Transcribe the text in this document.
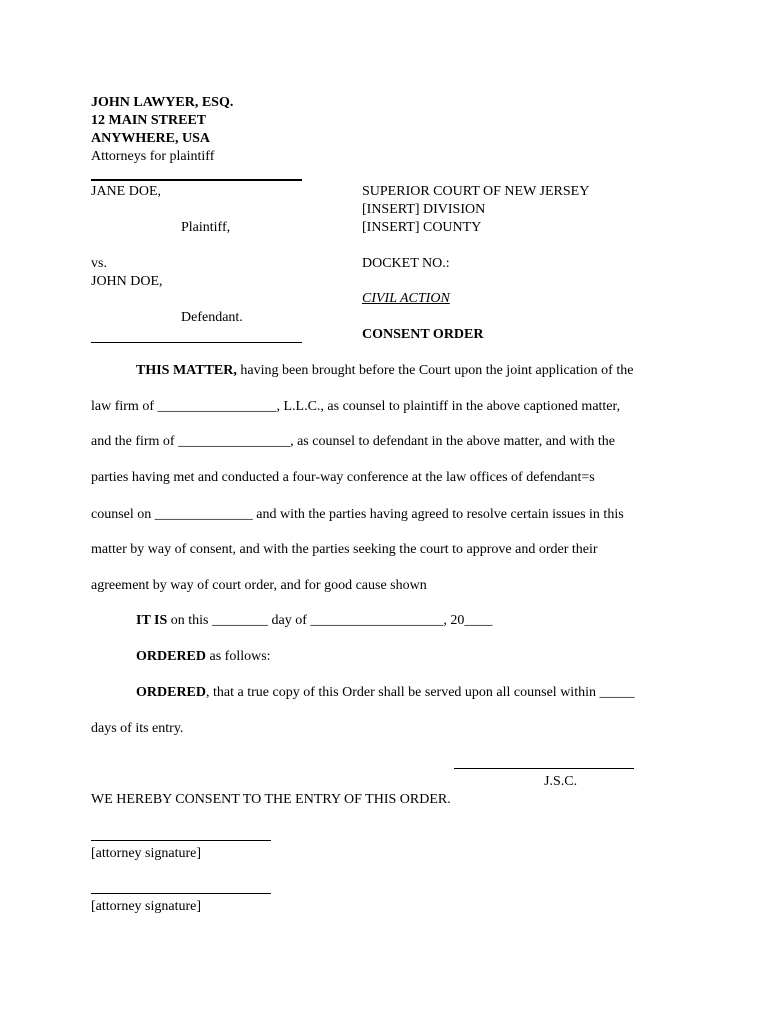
JOHN LAWYER, ESQ.
12 MAIN STREET
ANYWHERE, USA
Attorneys for plaintiff
JANE DOE,
Plaintiff,
vs.
JOHN DOE,
Defendant.
SUPERIOR COURT OF NEW JERSEY
[INSERT] DIVISION
[INSERT] COUNTY
DOCKET NO.:
CIVIL ACTION
CONSENT ORDER
THIS MATTER, having been brought before the Court upon the joint application of the
law firm of _________________, L.L.C., as counsel to plaintiff in the above captioned matter,
and the firm of ________________, as counsel to defendant in the above matter, and with the
parties having met and conducted a four-way conference at the law offices of defendant=s
counsel on ______________ and with the parties having agreed to resolve certain issues in this
matter by way of consent, and with the parties seeking the court to approve and order their
agreement by way of court order, and for good cause shown
IT IS on this ________ day of ___________________, 20____
ORDERED as follows:
ORDERED, that a true copy of this Order shall be served upon all counsel within _____
days of its entry.
J.S.C.
WE HEREBY CONSENT TO THE ENTRY OF THIS ORDER.
[attorney signature]
[attorney signature]
